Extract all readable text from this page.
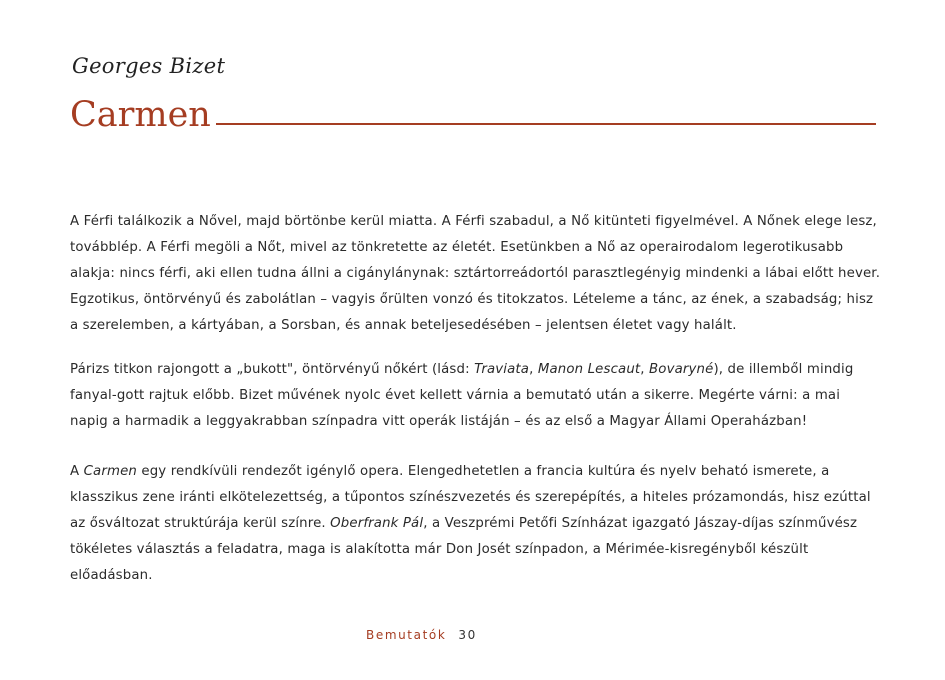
Georges Bizet
Carmen

A Férfi találkozik a Nővel, majd börtönbe kerül miatta. A Férfi szabadul, a Nő kitünteti figyelmével. A Nőnek elege lesz, továbblép. A Férfi megöli a Nőt, mivel az tönkretette az életét. Esetünkben a Nő az operairodalom legerotikusabb alakja: nincs férfi, aki ellen tudna állni a cigánylánynak: sztártorreádortól parasztlegényig mindenki a lábai előtt hever. Egzotikus, öntörvényű és zabolátlan – vagyis őrülten vonzó és titokzatos. Lételeme a tánc, az ének, a szabadság; hisz a szerelemben, a kártyában, a Sorsban, és annak beteljesedésében – jelentsen életet vagy halált.

Párizs titkon rajongott a „bukott", öntörvényű nőkért (lásd: Traviata, Manon Lescaut, Bovaryné), de illemből mindig fanyal-gott rajtuk előbb. Bizet művének nyolc évet kellett várnia a bemutató után a sikerre. Megérte várni: a mai napig a harmadik a leggyakrabban színpadra vitt operák listáján – és az első a Magyar Állami Operaházban!

A Carmen egy rendkívüli rendezőt igénylő opera. Elengedhetetlen a francia kultúra és nyelv beható ismerete, a klasszikus zene iránti elkötelezettség, a tűpontos színészvezetés és szerepépítés, a hiteles prózamondás, hisz ezúttal az ősváltozat struktúrája kerül színre. Oberfrank Pál, a Veszprémi Petőfi Színházat igazgató Jászay-díjas színművész tökéletes választás a feladatra, maga is alakította már Don Josét színpadon, a Mérimée-kisregényből készült előadásban.

Bemutatók 30
